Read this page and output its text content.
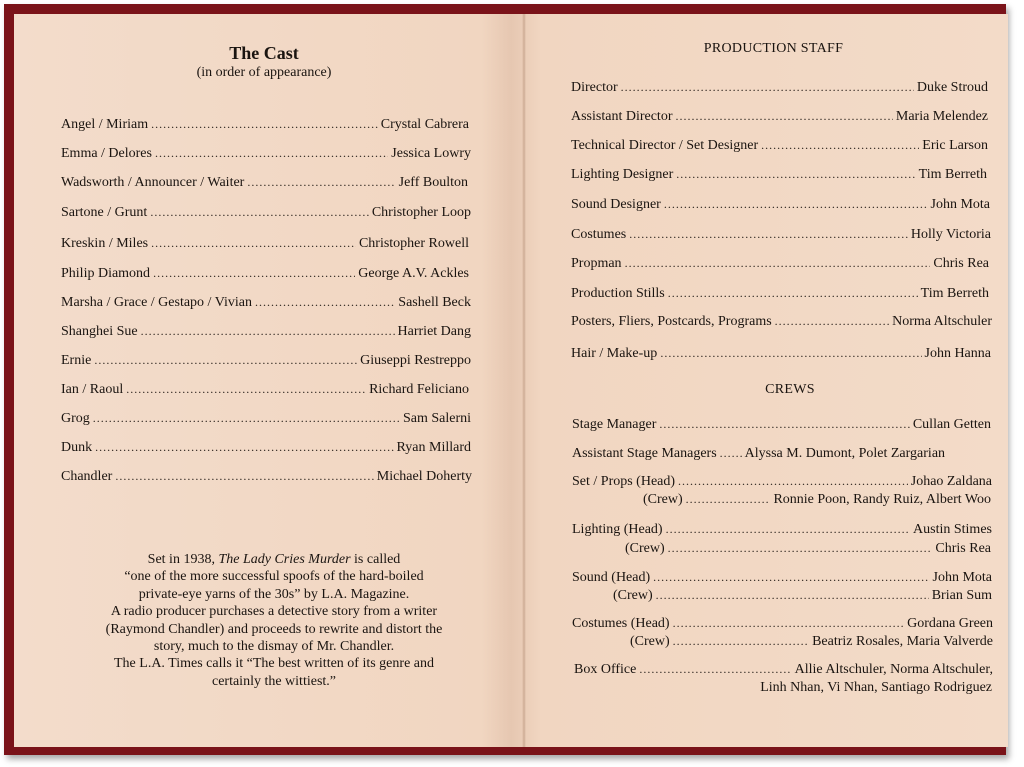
The Cast
(in order of appearance)
Angel / Miriam .....	Crystal Cabrera
Emma / Delores .....	Jessica Lowry
Wadsworth / Announcer / Waiter .....	Jeff Boulton
Sartone / Grunt .....	Christopher Loop
Kreskin / Miles .....	Christopher Rowell
Philip Diamond .....	George A.V. Ackles
Marsha / Grace / Gestapo / Vivian .....	Sashell Beck
Shanghei Sue .....	Harriet Dang
Ernie .....	Giuseppi Restreppo
Ian / Raoul .....	Richard Feliciano
Grog .....	Sam Salerni
Dunk .....	Ryan Millard
Chandler .....	Michael Doherty
Set in 1938, The Lady Cries Murder is called
“one of the more successful spoofs of the hard-boiled
private-eye yarns of the 30s” by L.A. Magazine.
A radio producer purchases a detective story from a writer
(Raymond Chandler) and proceeds to rewrite and distort the
story, much to the dismay of Mr. Chandler.
The L.A. Times calls it “The best written of its genre and
certainly the wittiest.”
PRODUCTION STAFF
Director .....	Duke Stroud
Assistant Director .....	Maria Melendez
Technical Director / Set Designer .....	Eric Larson
Lighting Designer .....	Tim Berreth
Sound Designer .....	John Mota
Costumes .....	Holly Victoria
Propman .....	Chris Rea
Production Stills .....	Tim Berreth
Posters, Fliers, Postcards, Programs .....	Norma Altschuler
Hair / Make-up .....	John Hanna
CREWS
Stage Manager .....	Cullan Getten
Assistant Stage Managers ..... Alyssa M. Dumont, Polet Zargarian
Set / Props (Head) .....	Johao Zaldana
(Crew) .....	Ronnie Poon, Randy Ruiz, Albert Woo
Lighting (Head) .....	Austin Stimes
(Crew) .....	Chris Rea
Sound (Head) .....	John Mota
(Crew) .....	Brian Sum
Costumes (Head) .....	Gordana Green
(Crew) .....	Beatriz Rosales, Maria Valverde
Box Office .....	Allie Altschuler, Norma Altschuler,
Linh Nhan, Vi Nhan, Santiago Rodriguez
